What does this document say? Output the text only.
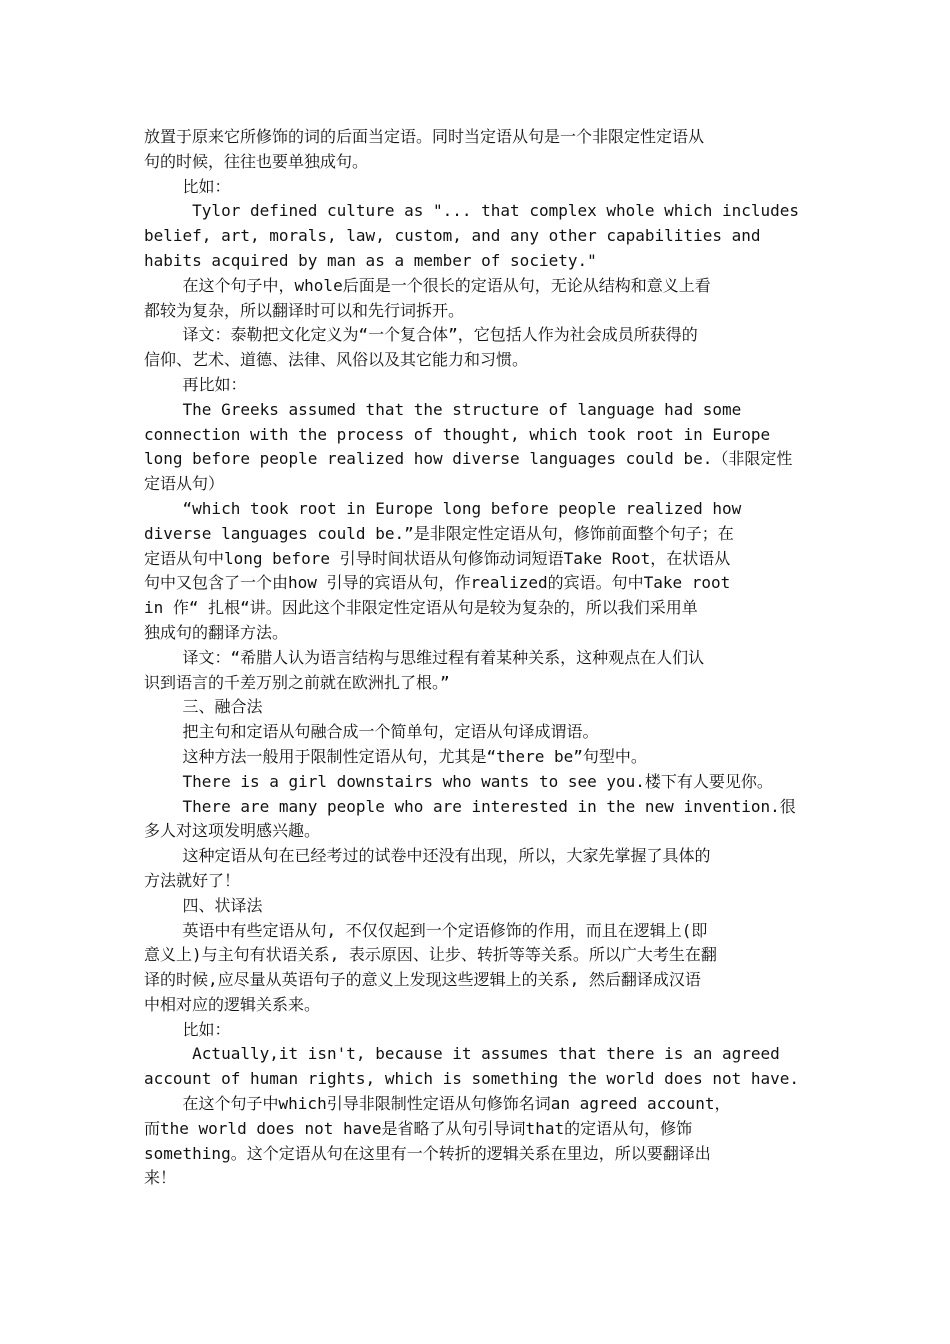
放置于原来它所修饰的词的后面当定语。同时当定语从句是一个非限定性定语从
句的时候，往往也要单独成句。
比如：
Tylor defined culture as "... that complex whole which includes
belief, art, morals, law, custom, and any other capabilities and
habits acquired by man as a member of society."
在这个句子中，whole后面是一个很长的定语从句，无论从结构和意义上看
都较为复杂，所以翻译时可以和先行词拆开。
译文：泰勒把文化定义为“一个复合体”，它包括人作为社会成员所获得的
信仰、艺术、道德、法律、风俗以及其它能力和习惯。
再比如：
The Greeks assumed that the structure of language had some
connection with the process of thought, which took root in Europe
long before people realized how diverse languages could be.（非限定性
定语从句）
“which took root in Europe long before people realized how
diverse languages could be.”是非限定性定语从句，修饰前面整个句子；在
定语从句中long before 引导时间状语从句修饰动词短语Take Root，在状语从
句中又包含了一个由how 引导的宾语从句，作realized的宾语。句中Take root
in 作“ 扎根“讲。因此这个非限定性定语从句是较为复杂的，所以我们采用单
独成句的翻译方法。
译文：“希腊人认为语言结构与思维过程有着某种关系，这种观点在人们认
识到语言的千差万别之前就在欧洲扎了根。”
三、融合法
把主句和定语从句融合成一个简单句，定语从句译成谓语。
这种方法一般用于限制性定语从句，尤其是“there be”句型中。
There is a girl downstairs who wants to see you.楼下有人要见你。
There are many people who are interested in the new invention.很
多人对这项发明感兴趣。
这种定语从句在已经考过的试卷中还没有出现，所以，大家先掌握了具体的
方法就好了！
四、状译法
英语中有些定语从句, 不仅仅起到一个定语修饰的作用，而且在逻辑上(即
意义上)与主句有状语关系, 表示原因、让步、转折等等关系。所以广大考生在翻
译的时候,应尽量从英语句子的意义上发现这些逻辑上的关系, 然后翻译成汉语
中相对应的逻辑关系来。
比如：
Actually,it isn't, because it assumes that there is an agreed
account of human rights, which is something the world does not have.
在这个句子中which引导非限制性定语从句修饰名词an agreed account，
而the world does not have是省略了从句引导词that的定语从句，修饰
something。这个定语从句在这里有一个转折的逻辑关系在里边，所以要翻译出
来！
